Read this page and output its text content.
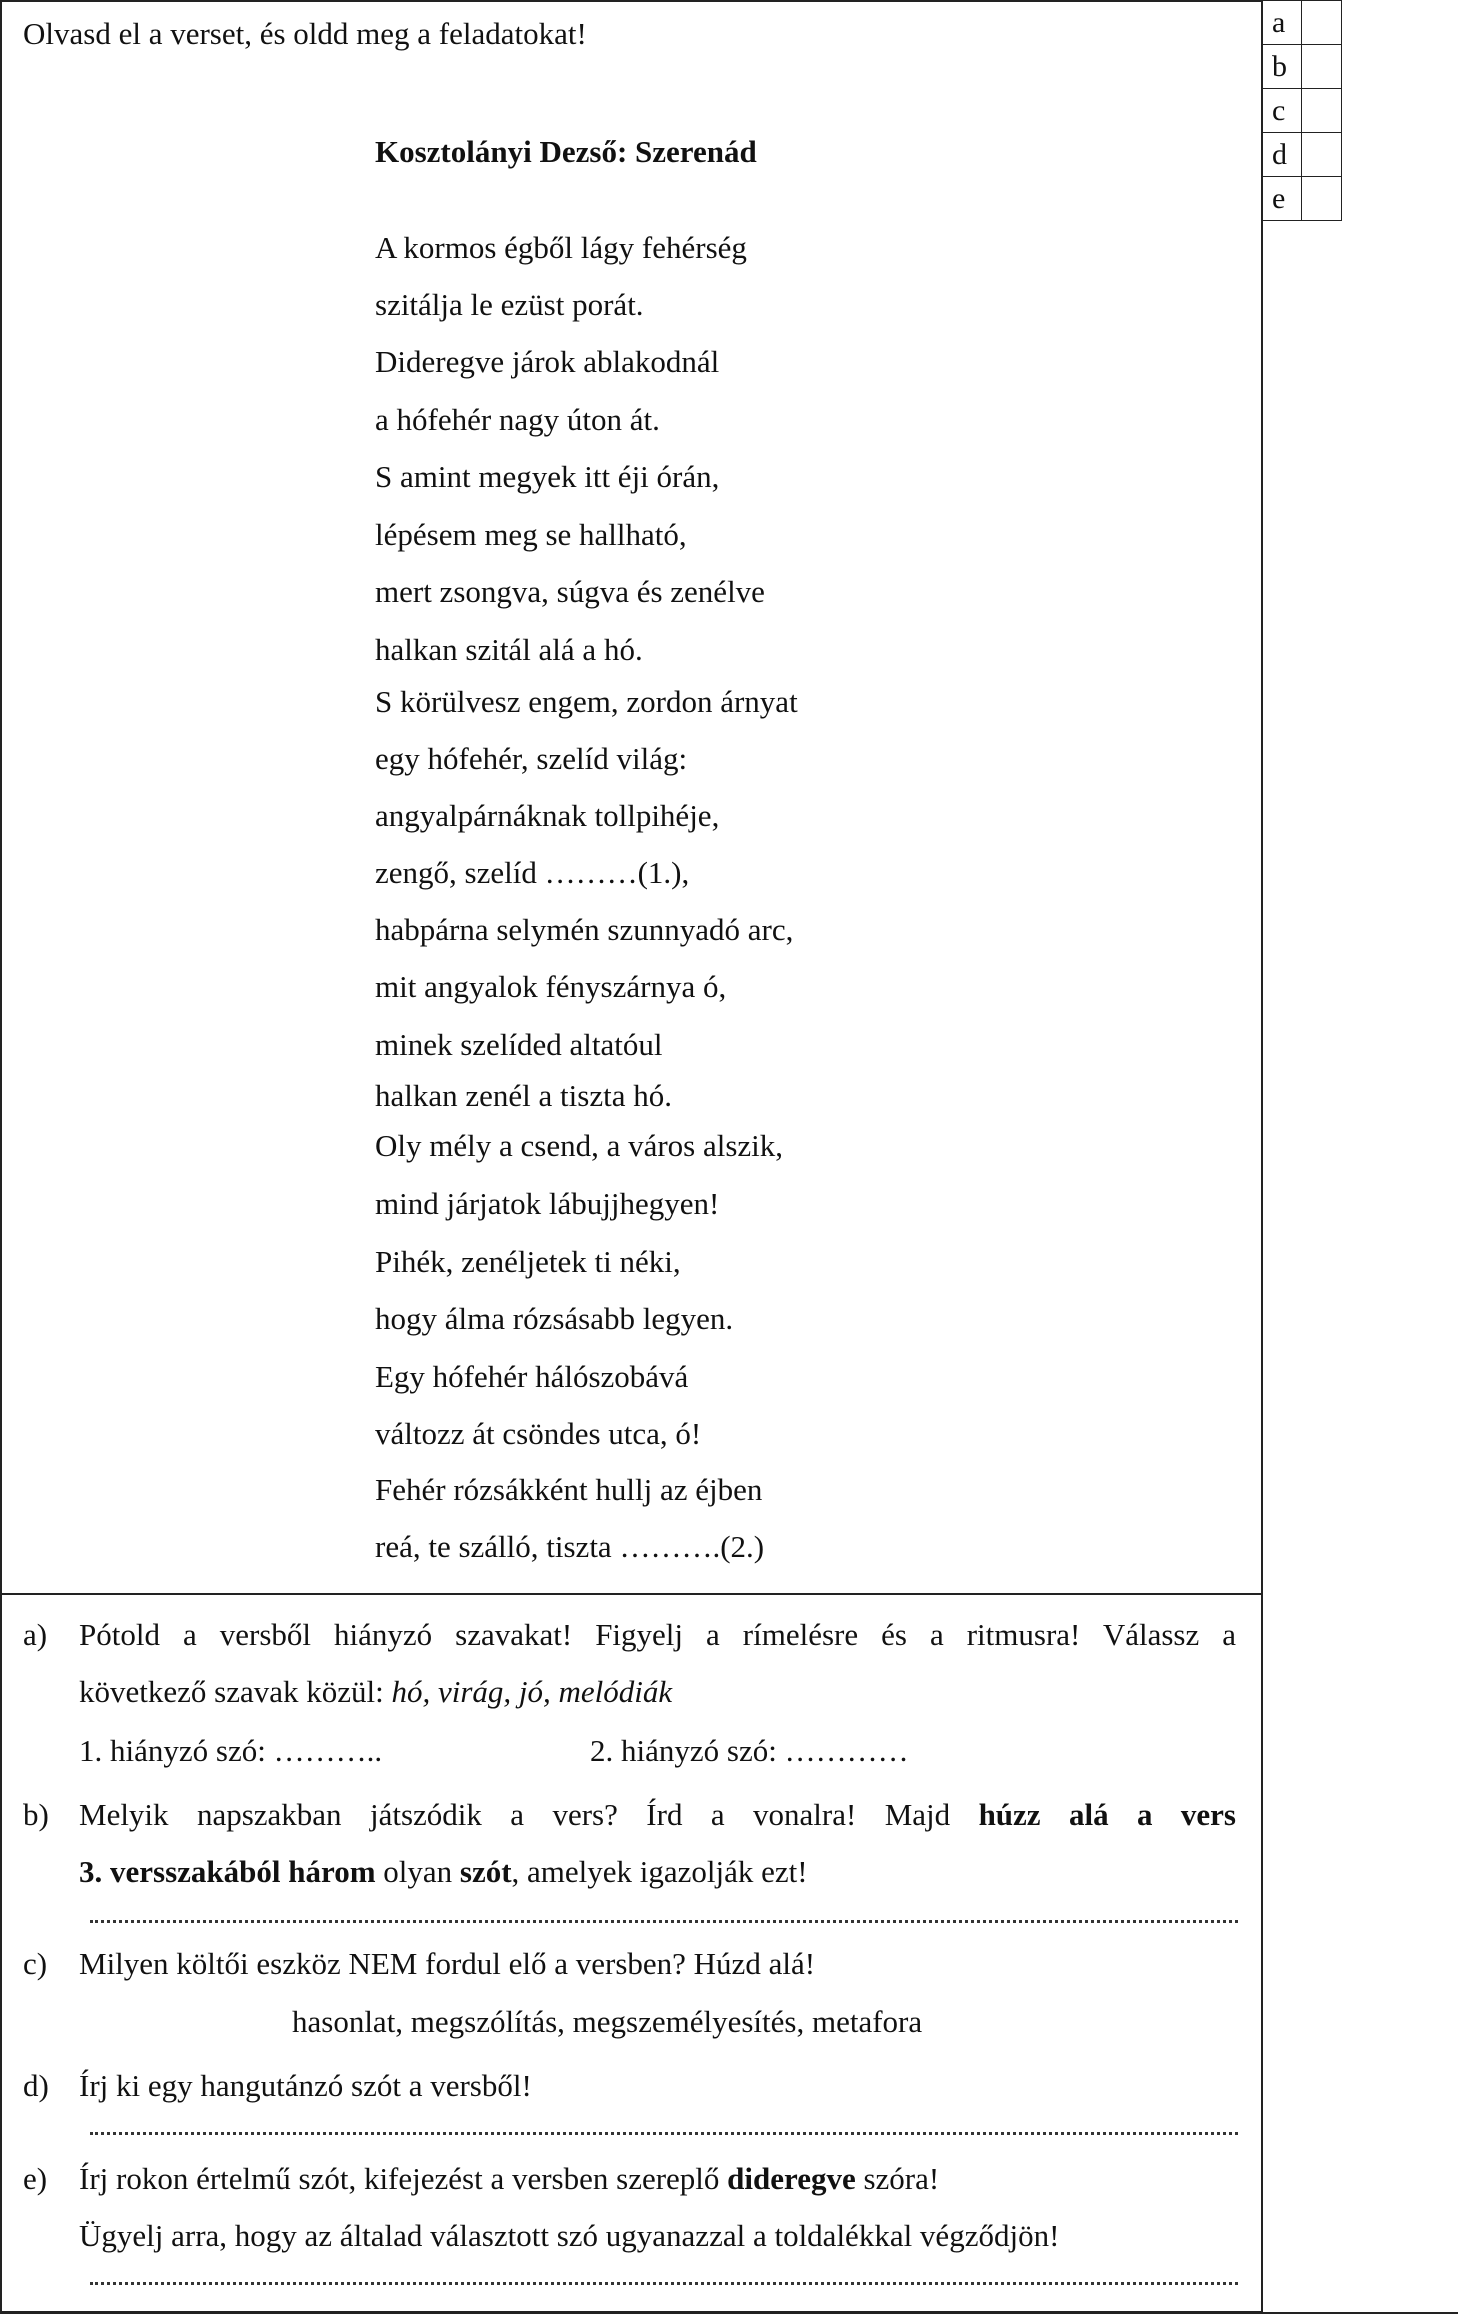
a	
b	
c	
d	
e	
Olvasd el a verset, és oldd meg a feladatokat!
Kosztolányi Dezső: Szerenád
A kormos égből lágy fehérség
szitálja le ezüst porát.
Dideregve járok ablakodnál
a hófehér nagy úton át.
S amint megyek itt éji órán,
lépésem meg se hallható,
mert zsongva, súgva és zenélve
halkan szitál alá a hó.
S körülvesz engem, zordon árnyat
egy hófehér, szelíd világ:
angyalpárnáknak tollpihéje,
zengő, szelíd ………(1.),
habpárna selymén szunnyadó arc,
mit angyalok fényszárnya ó,
minek szelíded altatóul
halkan zenél a tiszta hó.
Oly mély a csend, a város alszik,
mind járjatok lábujjhegyen!
Pihék, zenéljetek ti néki,
hogy álma rózsásabb legyen.
Egy hófehér hálószobává
változz át csöndes utca, ó!
Fehér rózsákként hullj az éjben
reá, te szálló, tiszta ……….(2.)
a) Pótold a versből hiányzó szavakat! Figyelj a rímelésre és a ritmusra! Válassz a
következő szavak közül: hó, virág, jó, melódiák
1. hiányzó szó: ………..	2. hiányzó szó: …………
b) Melyik napszakban játszódik a vers? Írd a vonalra! Majd húzz alá a vers
3. versszakából három olyan szót, amelyek igazolják ezt!
c) Milyen költői eszköz NEM fordul elő a versben? Húzd alá!
hasonlat, megszólítás, megszemélyesítés, metafora
d) Írj ki egy hangutánzó szót a versből!
e) Írj rokon értelmű szót, kifejezést a versben szereplő dideregve szóra!
Ügyelj arra, hogy az általad választott szó ugyanazzal a toldalékkal végződjön!
